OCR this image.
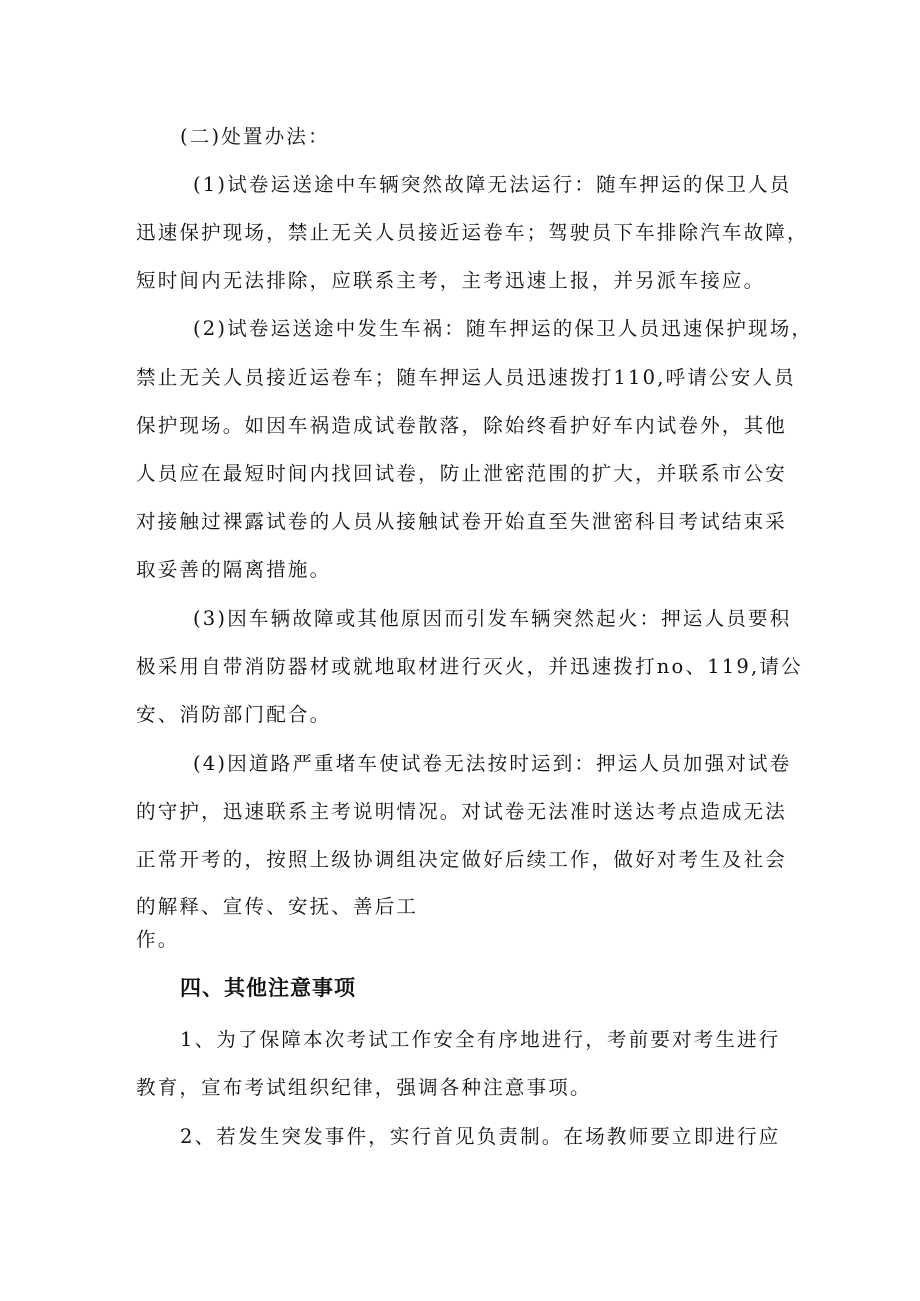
(二)处置办法：
(1)试卷运送途中车辆突然故障无法运行：随车押运的保卫人员
迅速保护现场，禁止无关人员接近运卷车；驾驶员下车排除汽车故障，
短时间内无法排除，应联系主考，主考迅速上报，并另派车接应。
(2)试卷运送途中发生车祸：随车押运的保卫人员迅速保护现场，
禁止无关人员接近运卷车；随车押运人员迅速拨打110,呼请公安人员
保护现场。如因车祸造成试卷散落，除始终看护好车内试卷外，其他
人员应在最短时间内找回试卷，防止泄密范围的扩大，并联系市公安
对接触过裸露试卷的人员从接触试卷开始直至失泄密科目考试结束采
取妥善的隔离措施。
(3)因车辆故障或其他原因而引发车辆突然起火：押运人员要积
极采用自带消防器材或就地取材进行灭火，并迅速拨打no、119,请公
安、消防部门配合。
(4)因道路严重堵车使试卷无法按时运到：押运人员加强对试卷
的守护，迅速联系主考说明情况。对试卷无法准时送达考点造成无法
正常开考的，按照上级协调组决定做好后续工作，做好对考生及社会
的解释、宣传、安抚、善后工
作。
四、其他注意事项
1、为了保障本次考试工作安全有序地进行，考前要对考生进行
教育，宣布考试组织纪律，强调各种注意事项。
2、若发生突发事件，实行首见负责制。在场教师要立即进行应
